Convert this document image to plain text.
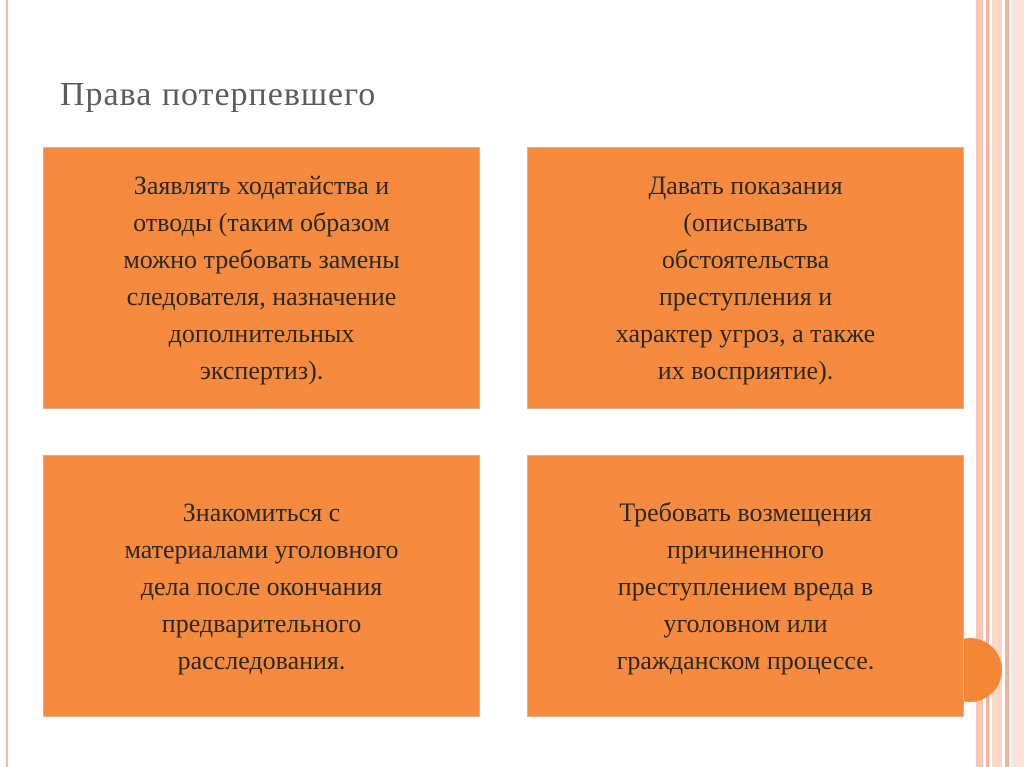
Права потерпевшего

Заявлять ходатайства и
отводы (таким образом
можно требовать замены
следователя, назначение
дополнительных
экспертиз).

Давать показания
(описывать
обстоятельства
преступления и
характер угроз, а также
их восприятие).

Знакомиться с
материалами уголовного
дела после окончания
предварительного
расследования.

Требовать возмещения
причиненного
преступлением вреда в
уголовном или
гражданском процессе.
